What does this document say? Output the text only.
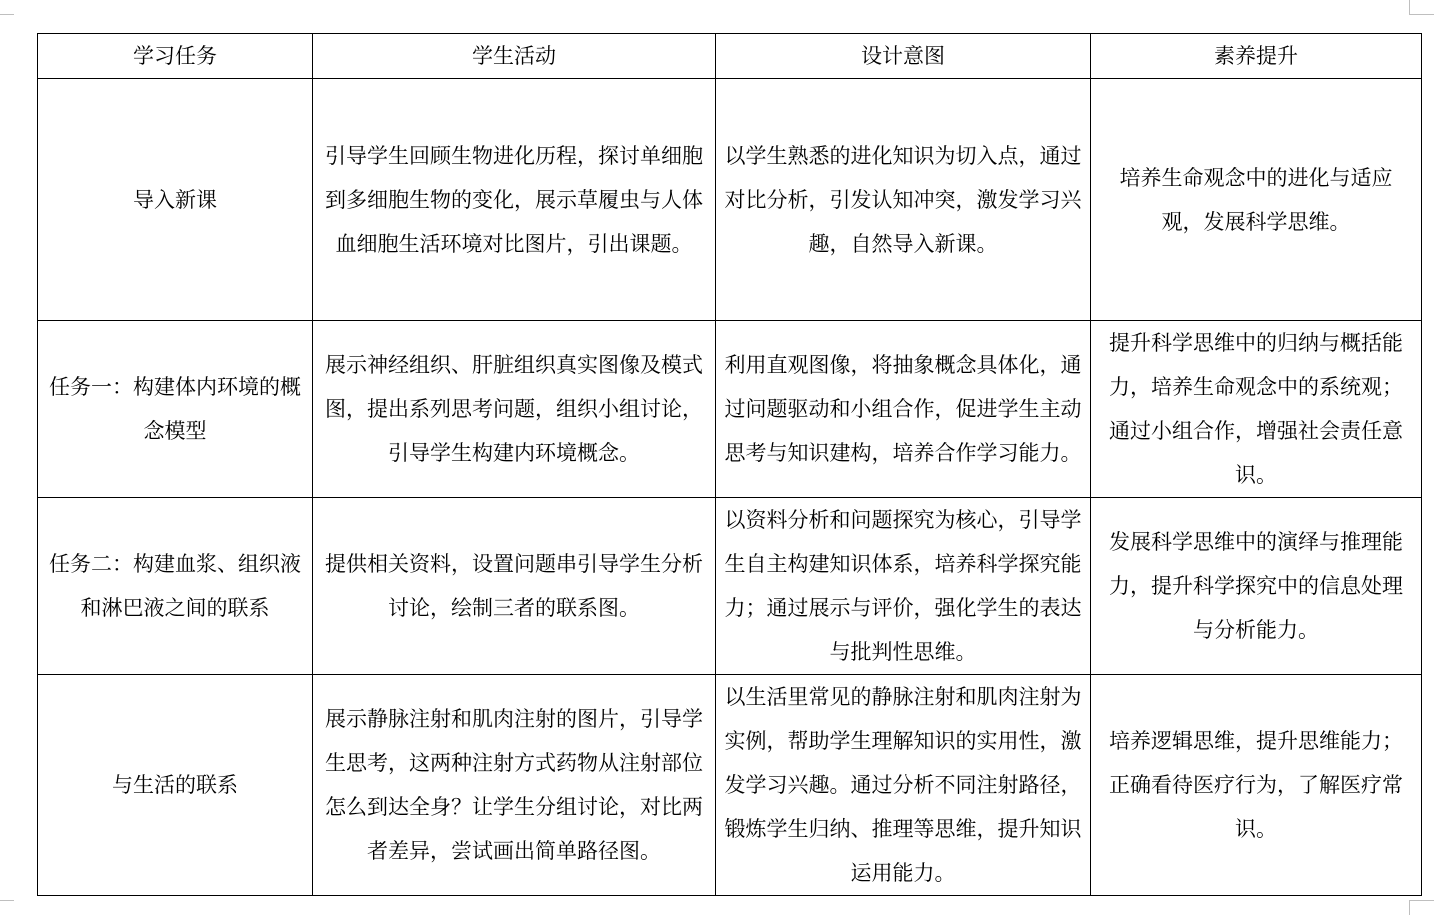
学习任务	学生活动	设计意图	素养提升
导入新课	引导学生回顾生物进化历程，探讨单细胞到多细胞生物的变化，展示草履虫与人体血细胞生活环境对比图片，引出课题。	以学生熟悉的进化知识为切入点，通过对比分析，引发认知冲突，激发学习兴趣，自然导入新课。	培养生命观念中的进化与适应观，发展科学思维。
任务一：构建体内环境的概念模型	展示神经组织、肝脏组织真实图像及模式图，提出系列思考问题，组织小组讨论，引导学生构建内环境概念。	利用直观图像，将抽象概念具体化，通过问题驱动和小组合作，促进学生主动思考与知识建构，培养合作学习能力。	提升科学思维中的归纳与概括能力，培养生命观念中的系统观；通过小组合作，增强社会责任意识。
任务二：构建血浆、组织液和淋巴液之间的联系	提供相关资料，设置问题串引导学生分析讨论，绘制三者的联系图。	以资料分析和问题探究为核心，引导学生自主构建知识体系，培养科学探究能力；通过展示与评价，强化学生的表达与批判性思维。	发展科学思维中的演绎与推理能力，提升科学探究中的信息处理与分析能力。
与生活的联系	展示静脉注射和肌肉注射的图片，引导学生思考，这两种注射方式药物从注射部位怎么到达全身？让学生分组讨论，对比两者差异，尝试画出简单路径图。	以生活里常见的静脉注射和肌肉注射为实例，帮助学生理解知识的实用性，激发学习兴趣。通过分析不同注射路径，锻炼学生归纳、推理等思维，提升知识运用能力。	培养逻辑思维，提升思维能力；正确看待医疗行为，了解医疗常识。
